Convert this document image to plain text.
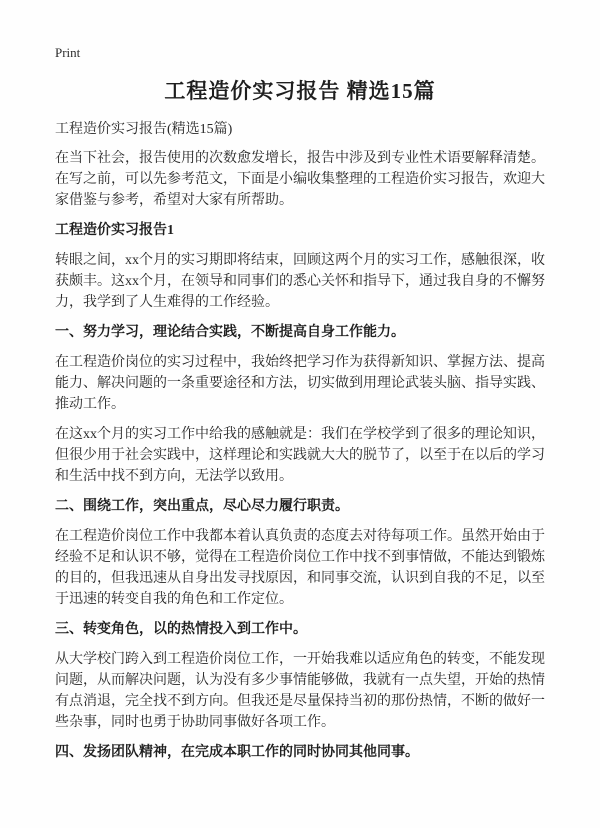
Print
工程造价实习报告 精选15篇
工程造价实习报告(精选15篇)

在当下社会，报告使用的次数愈发增长，报告中涉及到专业性术语要解释清楚。在写之前，可以先参考范文，下面是小编收集整理的工程造价实习报告，欢迎大家借鉴与参考，希望对大家有所帮助。

工程造价实习报告1

转眼之间，xx个月的实习期即将结束，回顾这两个月的实习工作，感触很深，收获颇丰。这xx个月，在领导和同事们的悉心关怀和指导下，通过我自身的不懈努力，我学到了人生难得的工作经验。

一、努力学习，理论结合实践，不断提高自身工作能力。

在工程造价岗位的实习过程中，我始终把学习作为获得新知识、掌握方法、提高能力、解决问题的一条重要途径和方法，切实做到用理论武装头脑、指导实践、推动工作。

在这xx个月的实习工作中给我的感触就是：我们在学校学到了很多的理论知识，但很少用于社会实践中，这样理论和实践就大大的脱节了，以至于在以后的学习和生活中找不到方向，无法学以致用。

二、围绕工作，突出重点，尽心尽力履行职责。

在工程造价岗位工作中我都本着认真负责的态度去对待每项工作。虽然开始由于经验不足和认识不够，觉得在工程造价岗位工作中找不到事情做，不能达到锻炼的目的，但我迅速从自身出发寻找原因，和同事交流，认识到自我的不足，以至于迅速的转变自我的角色和工作定位。

三、转变角色，以的热情投入到工作中。

从大学校门跨入到工程造价岗位工作，一开始我难以适应角色的转变，不能发现问题，从而解决问题，认为没有多少事情能够做，我就有一点失望，开始的热情有点消退，完全找不到方向。但我还是尽量保持当初的那份热情，不断的做好一些杂事，同时也勇于协助同事做好各项工作。

四、发扬团队精神，在完成本职工作的同时协同其他同事。
